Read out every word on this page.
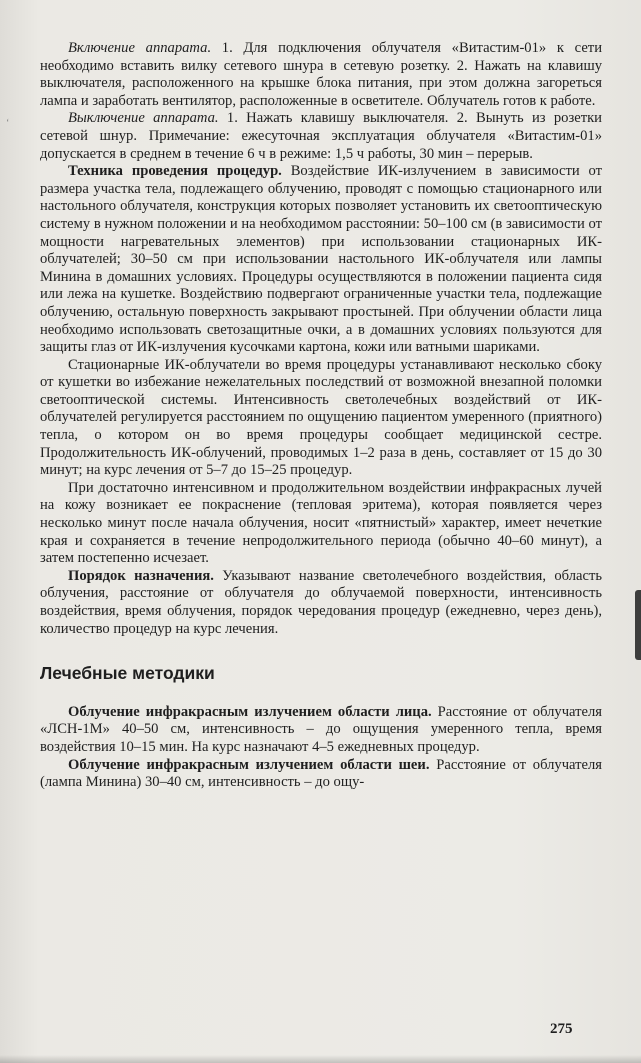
‘

Включение аппарата. 1. Для подключения облучателя «Витастим-01» к сети необходимо вставить вилку сетевого шнура в сетевую розетку. 2. Нажать на клавишу выключателя, расположенного на крышке блока питания, при этом должна загореться лампа и заработать вентилятор, расположенные в осветителе. Облучатель готов к работе.

Выключение аппарата. 1. Нажать клавишу выключателя. 2. Вынуть из розетки сетевой шнур. Примечание: ежесуточная эксплуатация облучателя «Витастим-01» допускается в среднем в течение 6 ч в режиме: 1,5 ч работы, 30 мин – перерыв.

Техника проведения процедур. Воздействие ИК-излучением в зависимости от размера участка тела, подлежащего облучению, проводят с помощью стационарного или настольного облучателя, конструкция которых позволяет установить их светооптическую систему в нужном положении и на необходимом расстоянии: 50–100 см (в зависимости от мощности нагревательных элементов) при использовании стационарных ИК-облучателей; 30–50 см при использовании настольного ИК-облучателя или лампы Минина в домашних условиях. Процедуры осуществляются в положении пациента сидя или лежа на кушетке. Воздействию подвергают ограниченные участки тела, подлежащие облучению, остальную поверхность закрывают простыней. При облучении области лица необходимо использовать светозащитные очки, а в домашних условиях пользуются для защиты глаз от ИК-излучения кусочками картона, кожи или ватными шариками.

Стационарные ИК-облучатели во время процедуры устанавливают несколько сбоку от кушетки во избежание нежелательных последствий от возможной внезапной поломки светооптической системы. Интенсивность светолечебных воздействий от ИК-облучателей регулируется расстоянием по ощущению пациентом умеренного (приятного) тепла, о котором он во время процедуры сообщает медицинской сестре. Продолжительность ИК-облучений, проводимых 1–2 раза в день, составляет от 15 до 30 минут; на курс лечения от 5–7 до 15–25 процедур.

При достаточно интенсивном и продолжительном воздействии инфракрасных лучей на кожу возникает ее покраснение (тепловая эритема), которая появляется через несколько минут после начала облучения, носит «пятнистый» характер, имеет нечеткие края и сохраняется в течение непродолжительного периода (обычно 40–60 минут), а затем постепенно исчезает.

Порядок назначения. Указывают название светолечебного воздействия, область облучения, расстояние от облучателя до облучаемой поверхности, интенсивность воздействия, время облучения, порядок чередования процедур (ежедневно, через день), количество процедур на курс лечения.

Лечебные методики

Облучение инфракрасным излучением области лица. Расстояние от облучателя «ЛСН-1М» 40–50 см, интенсивность – до ощущения умеренного тепла, время воздействия 10–15 мин. На курс назначают 4–5 ежедневных процедур.

Облучение инфракрасным излучением области шеи. Расстояние от облучателя (лампа Минина) 30–40 см, интенсивность – до ощу-

275
